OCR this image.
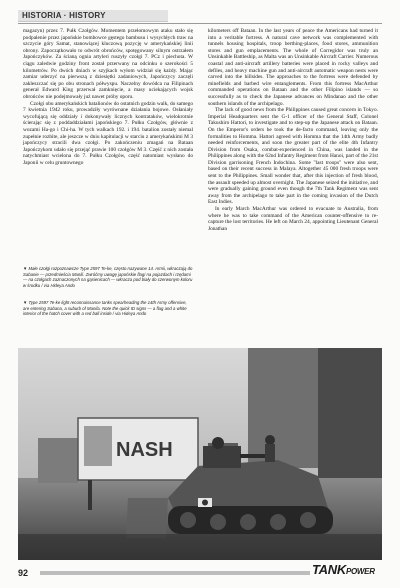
HISTORIA · HISTORY

magazyn) przez 7. Pułk Czołgów. Momentem przełomowym ataku stało się podpalenie przez japońskie bombowce gęstego bambusu i wysychłych traw na szczycie góry Samat, stanowiącej kluczową pozycję w amerykańskiej linii obrony. Zapoczątkowało to odwrót obrońców, spotęgowany silnym ostrzałem Japończyków. Za ścianą ognia artyleri ruszyły czołgi 7. PCz i piechota. W ciągu zaledwie godziny front został przerwany na odcinku o szerokości 5 kilometrów. Po dwóch dniach w szyjkach wyłom widział się każdy. Mając zamiar uderzyć na pierwszą z dziesiętki zadaniowych, Japończycy zaczęli zakleszczać się po obu stronach półwyspu. Naczelny dowódca na Filipinach generał Edward King przerwał zamknięcie, a masy uciekających wojsk obrońców nie podejmowały już nawet próby oporu.

Czołgi obu amerykańskich batalionów do ostatnich godzin walk, do samego 7 kwietnia 1942 roku, prowadziły wyrównane działania bojowe. Osłaniały wycofującą się oddziały i dokonywały licznych kontrataków, wielokrotnie ścierając się z poddaddziałami japońskiego 7. Pułku Czołgów, głównie z wozami Ha-go i Chi-ha. W tych walkach 192. i 194. batalion zostały niemal zupełnie rozbite, ale jeszcze w dniu kapitulacji w starciu z amerykańskimi M 3 japończycy stracili dwa czołgi. Po zakończeniu zmagań na Bataan Japończykom udało się przejąć prawie 100 czołgów M 3. Część z nich została natychmiast wcielona do 7. Pułku Czołgów, część natomiast wysłano do Japonii w celu gruntownego

▼ Małe czołgi rozpoznawcze Type 2597 Te-ke, często nazywane 14. Armii, wkraczają do Sabanie — przedmieścia Manili. Zwróćmy uwagę japońskie flagi na pojazdach i rzędami — na czołgach zaznaczonych na gąsienicach — wkracza pod biały do czerwonym koloru w środku / via Hideya Ando
▼ Type 2597 Te-ke light reconnaissance tanks spearheading the 14th Army offensive, are entering Sabana, a suburb of Manila. Note the quick ID signs — a flag and a white interior of the hatch cover with a red ball inside / via Hideya Ando

kilometers off Bataan. In the last years of peace the Americans had turned it into a veritable fortress. A natural cave network was complemented with tunnels housing hospitals, troop berthing-places, food stores, ammunition stores and gun emplacements. The whole of Corregidor was truly an Unsinkable Battleship, as Malta was an Unsinkable Aircraft Carrier. Numerous coastal and anti-aircraft artillery batteries were placed in rocky valleys and defiles, and heavy machine gun and anti-aircraft automatic weapon nests were carved into the hillsides. The approaches to the fortress were defended by minefields and barbed wire entanglements. From this fortress MacArthur commanded operations on Bataan and the other Filipino islands — so successfully as to check the Japanese advances on Mindanao and the other southern islands of the archipelago.

The lack of good news from the Philippines caused great concern in Tokyo. Imperial Headquarters sent the G-1 officer of the General Staff, Colonel Takushiro Hattori, to investigate and to step-up the Japanese attack on Bataan. On the Emperor's orders he took the de-facto command, leaving only the formalities to Homma. Hattori agreed with Homma that the 14th Army badly needed reinforcements, and soon the greater part of the elite 4th Infantry Division from Osaka, combat-experienced in China, was landed in the Philippines along with the 62nd Infantry Regiment from Hanoi, part of the 21st Division garrisoning French Indochina. Some "last troops" were also sent, based on their recent success in Malaya. Altogether 45 000 fresh troops were sent to the Philippines. Small wonder that, after this injection of fresh blood, the assault speeded up almost overnight. The Japanese seized the initiative, and were gradually gaining ground even though the 7th Tank Regiment was sent away from the archipelago to take part in the coming invasion of the Dutch East Indies.

In early March MacArthur was ordered to evacuate to Australia, from where he was to take command of the American counter-offensive to re-capture the lost territories. He left on March 24, appointing Lieutenant General Jonathan

NASH
92	TANKPOWER
